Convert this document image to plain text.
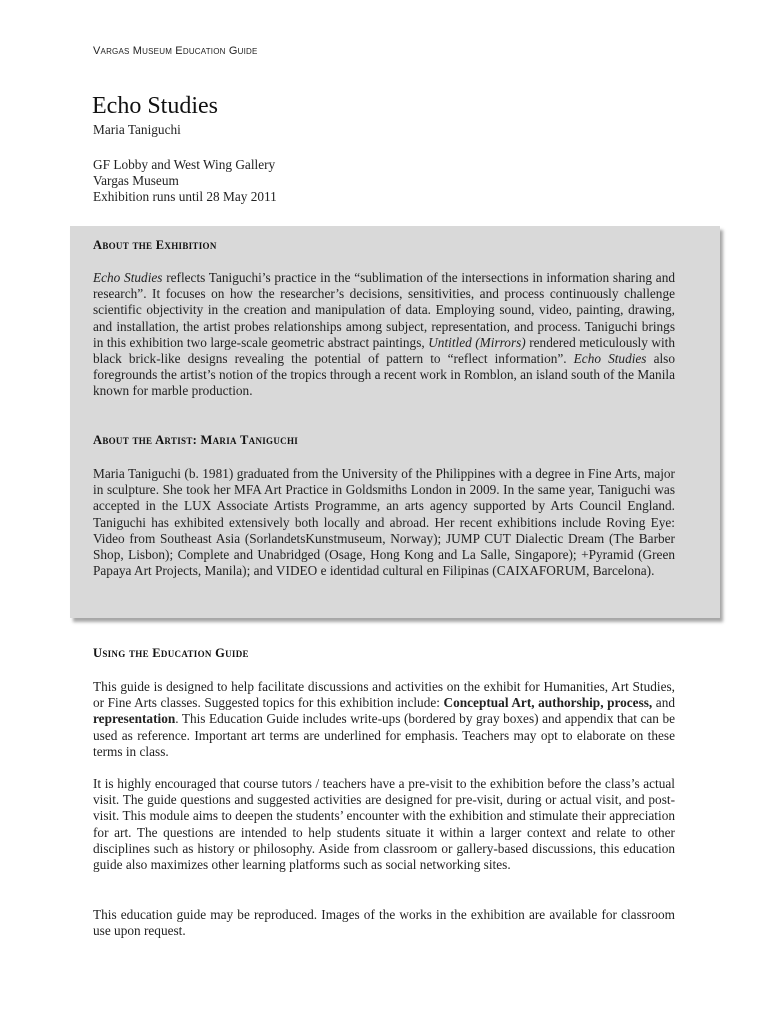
Vargas Museum Education Guide
Echo Studies
Maria Taniguchi
GF Lobby and West Wing Gallery
Vargas Museum
Exhibition runs until 28 May 2011
About the Exhibition

Echo Studies reflects Taniguchi’s practice in the “sublimation of the intersections in information sharing and research”. It focuses on how the researcher’s decisions, sensitivities, and process continuously challenge scientific objectivity in the creation and manipulation of data. Employing sound, video, painting, drawing, and installation, the artist probes relationships among subject, representation, and process. Taniguchi brings in this exhibition two large-scale geometric abstract paintings, Untitled (Mirrors) rendered meticulously with black brick-like designs revealing the potential of pattern to “reflect information”. Echo Studies also foregrounds the artist’s notion of the tropics through a recent work in Romblon, an island south of the Manila known for marble production.

About the Artist: Maria Taniguchi

Maria Taniguchi (b. 1981) graduated from the University of the Philippines with a degree in Fine Arts, major in sculpture. She took her MFA Art Practice in Goldsmiths London in 2009. In the same year, Taniguchi was accepted in the LUX Associate Artists Programme, an arts agency supported by Arts Council England. Taniguchi has exhibited extensively both locally and abroad. Her recent exhibitions include Roving Eye: Video from Southeast Asia (SorlandetsKunstmuseum, Norway); JUMP CUT Dialectic Dream (The Barber Shop, Lisbon); Complete and Unabridged (Osage, Hong Kong and La Salle, Singapore); +Pyramid (Green Papaya Art Projects, Manila); and VIDEO e identidad cultural en Filipinas (CAIXAFORUM, Barcelona).

Using the Education Guide

This guide is designed to help facilitate discussions and activities on the exhibit for Humanities, Art Studies, or Fine Arts classes. Suggested topics for this exhibition include: Conceptual Art, authorship, process, and representation. This Education Guide includes write-ups (bordered by gray boxes) and appendix that can be used as reference. Important art terms are underlined for emphasis. Teachers may opt to elaborate on these terms in class.

It is highly encouraged that course tutors / teachers have a pre-visit to the exhibition before the class’s actual visit. The guide questions and suggested activities are designed for pre-visit, during or actual visit, and post-visit. This module aims to deepen the students’ encounter with the exhibition and stimulate their appreciation for art. The questions are intended to help students situate it within a larger context and relate to other disciplines such as history or philosophy. Aside from classroom or gallery-based discussions, this education guide also maximizes other learning platforms such as social networking sites.

This education guide may be reproduced. Images of the works in the exhibition are available for classroom use upon request.
